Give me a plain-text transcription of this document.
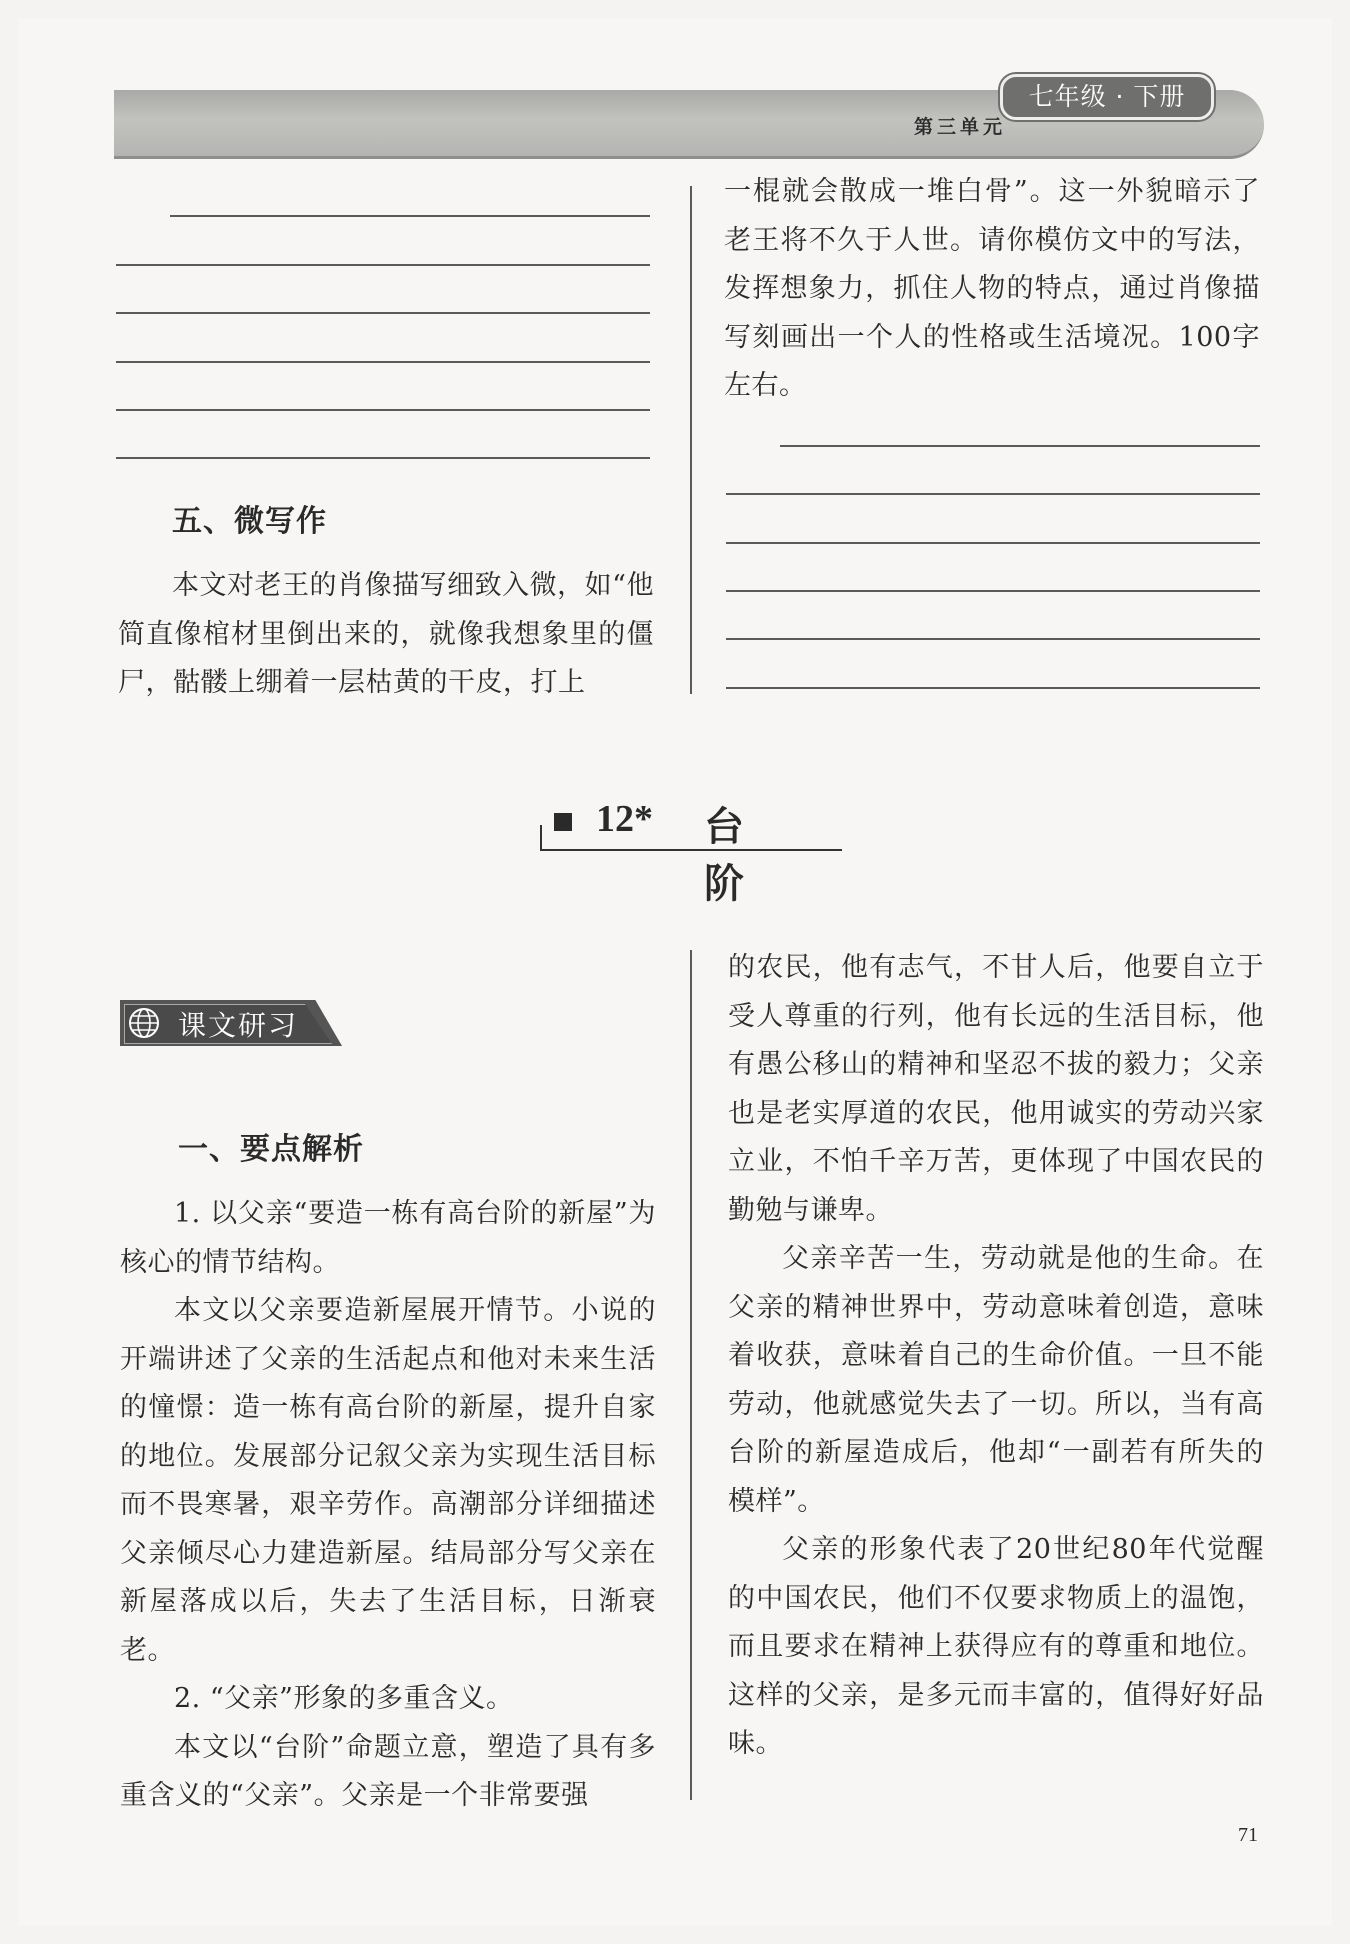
七年级 · 下册
第三单元
五、微写作

本文对老王的肖像描写细致入微，如“他简直像棺材里倒出来的，就像我想象里的僵尸，骷髅上绷着一层枯黄的干皮，打上

一棍就会散成一堆白骨”。这一外貌暗示了老王将不久于人世。请你模仿文中的写法，发挥想象力，抓住人物的特点，通过肖像描写刻画出一个人的性格或生活境况。100字左右。

12* 台阶
课文研习
一、要点解析

1. 以父亲“要造一栋有高台阶的新屋”为核心的情节结构。

本文以父亲要造新屋展开情节。小说的开端讲述了父亲的生活起点和他对未来生活的憧憬：造一栋有高台阶的新屋，提升自家的地位。发展部分记叙父亲为实现生活目标而不畏寒暑，艰辛劳作。高潮部分详细描述父亲倾尽心力建造新屋。结局部分写父亲在新屋落成以后，失去了生活目标，日渐衰老。

2. “父亲”形象的多重含义。

本文以“台阶”命题立意，塑造了具有多重含义的“父亲”。父亲是一个非常要强

的农民，他有志气，不甘人后，他要自立于受人尊重的行列，他有长远的生活目标，他有愚公移山的精神和坚忍不拔的毅力；父亲也是老实厚道的农民，他用诚实的劳动兴家立业，不怕千辛万苦，更体现了中国农民的勤勉与谦卑。

父亲辛苦一生，劳动就是他的生命。在父亲的精神世界中，劳动意味着创造，意味着收获，意味着自己的生命价值。一旦不能劳动，他就感觉失去了一切。所以，当有高台阶的新屋造成后，他却“一副若有所失的模样”。

父亲的形象代表了20世纪80年代觉醒的中国农民，他们不仅要求物质上的温饱，而且要求在精神上获得应有的尊重和地位。这样的父亲，是多元而丰富的，值得好好品味。

71
